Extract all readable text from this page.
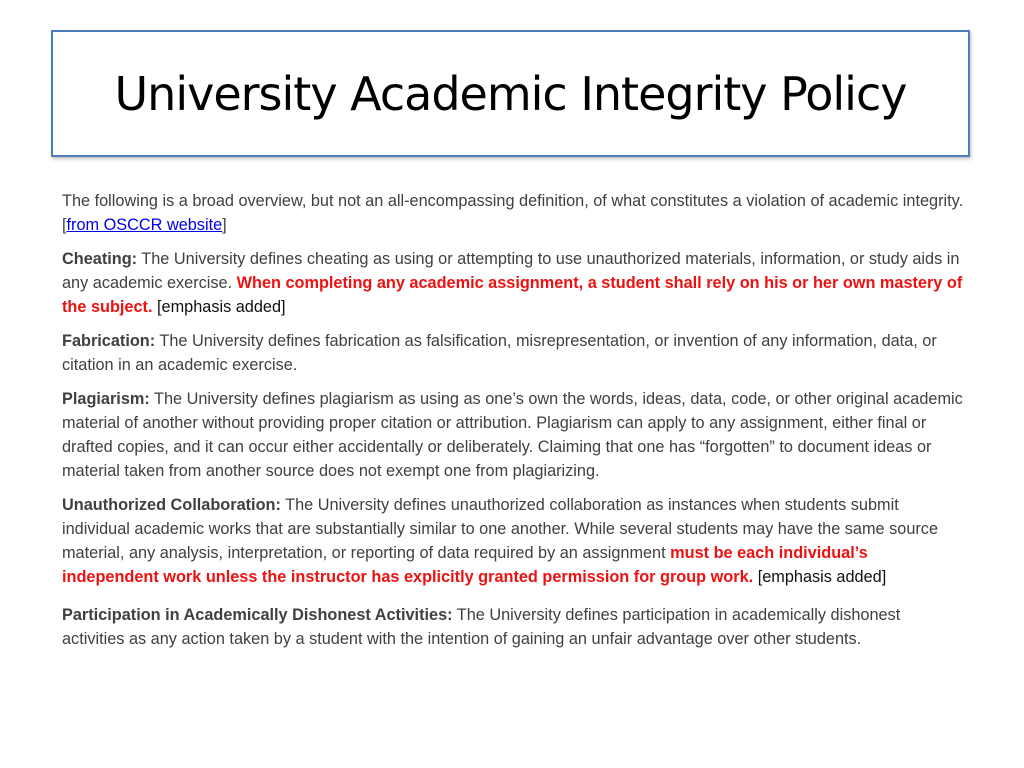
University Academic Integrity Policy

The following is a broad overview, but not an all-encompassing definition, of what constitutes a violation of academic integrity. [from OSCCR website]

Cheating: The University defines cheating as using or attempting to use unauthorized materials, information, or study aids in any academic exercise. When completing any academic assignment, a student shall rely on his or her own mastery of the subject. [emphasis added]

Fabrication: The University defines fabrication as falsification, misrepresentation, or invention of any information, data, or citation in an academic exercise.

Plagiarism: The University defines plagiarism as using as one’s own the words, ideas, data, code, or other original academic material of another without providing proper citation or attribution. Plagiarism can apply to any assignment, either final or drafted copies, and it can occur either accidentally or deliberately. Claiming that one has “forgotten” to document ideas or material taken from another source does not exempt one from plagiarizing.

Unauthorized Collaboration: The University defines unauthorized collaboration as instances when students submit individual academic works that are substantially similar to one another. While several students may have the same source material, any analysis, interpretation, or reporting of data required by an assignment must be each individual’s independent work unless the instructor has explicitly granted permission for group work. [emphasis added]

Participation in Academically Dishonest Activities: The University defines participation in academically dishonest activities as any action taken by a student with the intention of gaining an unfair advantage over other students.
